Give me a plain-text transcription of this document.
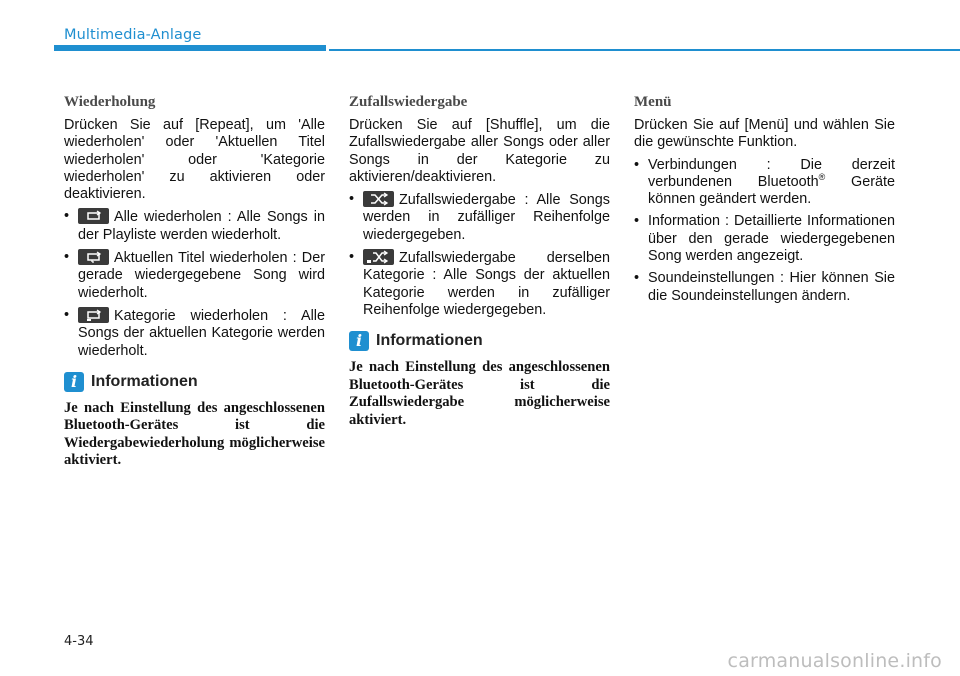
Multimedia-Anlage
Wiederholung

Drücken Sie auf [Repeat], um 'Alle wiederholen' oder 'Aktuellen Titel wiederholen' oder 'Kategorie wiederholen' zu aktivieren oder deaktivieren.

•	Alle wiederholen : Alle Songs in der Playliste werden wiederholt.
•	Aktuellen Titel wiederholen : Der gerade wiedergegebene Song wird wiederholt.
•	Kategorie wiederholen : Alle Songs der aktuellen Kategorie werden wiederholt.
i Informationen

Je nach Einstellung des angeschlossenen Bluetooth-Gerätes ist die Wiedergabewiederholung möglicherweise aktiviert.

Zufallswiedergabe

Drücken Sie auf [Shuffle], um die Zufallswiedergabe aller Songs oder aller Songs in der Kategorie zu aktivieren/deaktivieren.

•	Zufallswiedergabe : Alle Songs werden in zufälliger Reihenfolge wiedergegeben.
•	Zufallswiedergabe derselben Kategorie : Alle Songs der aktuellen Kategorie werden in zufälliger Reihenfolge wiedergegeben.
i Informationen

Je nach Einstellung des angeschlossenen Bluetooth-Gerätes ist die Zufallswiedergabe möglicherweise aktiviert.

Menü

Drücken Sie auf [Menü] und wählen Sie die gewünschte Funktion.

• Verbindungen : Die derzeit verbundenen Bluetooth® Geräte können geändert werden.
• Information : Detaillierte Informationen über den gerade wiedergegebenen Song werden angezeigt.
• Soundeinstellungen : Hier können Sie die Soundeinstellungen ändern.
4-34
carmanualsonline.info
